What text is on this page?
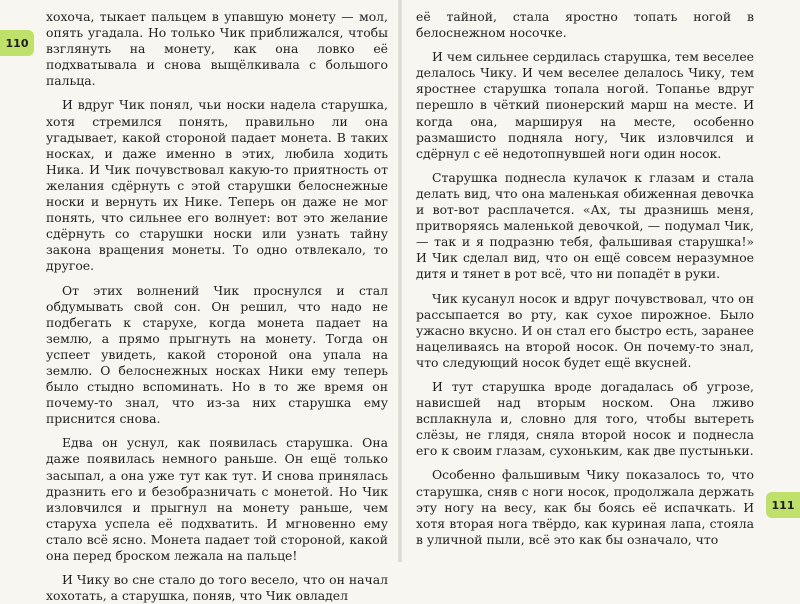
110

хохоча, тыкает пальцем в упавшую монету — мол, опять угадала. Но только Чик приближался, чтобы взглянуть на монету, как она ловко её подхватывала и снова выщёлкивала с большого пальца.

И вдруг Чик понял, чьи носки надела старушка, хотя стремился понять, правильно ли она угадывает, какой стороной падает монета. В таких носках, и даже именно в этих, любила ходить Ника. И Чик почувствовал какую-то приятность от желания сдёрнуть с этой старушки белоснежные носки и вернуть их Нике. Теперь он даже не мог понять, что сильнее его волнует: вот это желание сдёрнуть со старушки носки или узнать тайну закона вращения монеты. То одно отвлекало, то другое.

От этих волнений Чик проснулся и стал обдумывать свой сон. Он решил, что надо не подбегать к старухе, когда монета падает на землю, а прямо прыгнуть на монету. Тогда он успеет увидеть, какой стороной она упала на землю. О белоснежных носках Ники ему теперь было стыдно вспоминать. Но в то же время он почему-то знал, что из-за них старушка ему приснится снова.

Едва он уснул, как появилась старушка. Она даже появилась немного раньше. Он ещё только засыпал, а она уже тут как тут. И снова принялась дразнить его и безобразничать с монетой. Но Чик изловчился и прыгнул на монету раньше, чем старуха успела её подхватить. И мгновенно ему стало всё ясно. Монета падает той стороной, какой она перед броском лежала на пальце!

И Чику во сне стало до того весело, что он начал хохотать, а старушка, поняв, что Чик овладел

её тайной, стала яростно топать ногой в белоснежном носочке.

И чем сильнее сердилась старушка, тем веселее делалось Чику. И чем веселее делалось Чику, тем яростнее старушка топала ногой. Топанье вдруг перешло в чёткий пионерский марш на месте. И когда она, маршируя на месте, особенно размашисто подняла ногу, Чик изловчился и сдёрнул с её недотопнувшей ноги один носок.

Старушка поднесла кулачок к глазам и стала делать вид, что она маленькая обиженная девочка и вот-вот расплачется. «Ах, ты дразнишь меня, притворяясь маленькой девочкой, — подумал Чик, — так и я подразню тебя, фальшивая старушка!» И Чик сделал вид, что он ещё совсем неразумное дитя и тянет в рот всё, что ни попадёт в руки.

Чик кусанул носок и вдруг почувствовал, что он рассыпается во рту, как сухое пирожное. Было ужасно вкусно. И он стал его быстро есть, заранее нацеливаясь на второй носок. Он почему-то знал, что следующий носок будет ещё вкусней.

И тут старушка вроде догадалась об угрозе, нависшей над вторым носком. Она лживо всплакнула и, словно для того, чтобы вытереть слёзы, не глядя, сняла второй носок и поднесла его к своим глазам, сухоньким, как две пустыньки.

Особенно фальшивым Чику показалось то, что старушка, сняв с ноги носок, продолжала держать эту ногу на весу, как бы боясь её испачкать. И хотя вторая нога твёрдо, как куриная лапа, стояла в уличной пыли, всё это как бы означало, что

111
